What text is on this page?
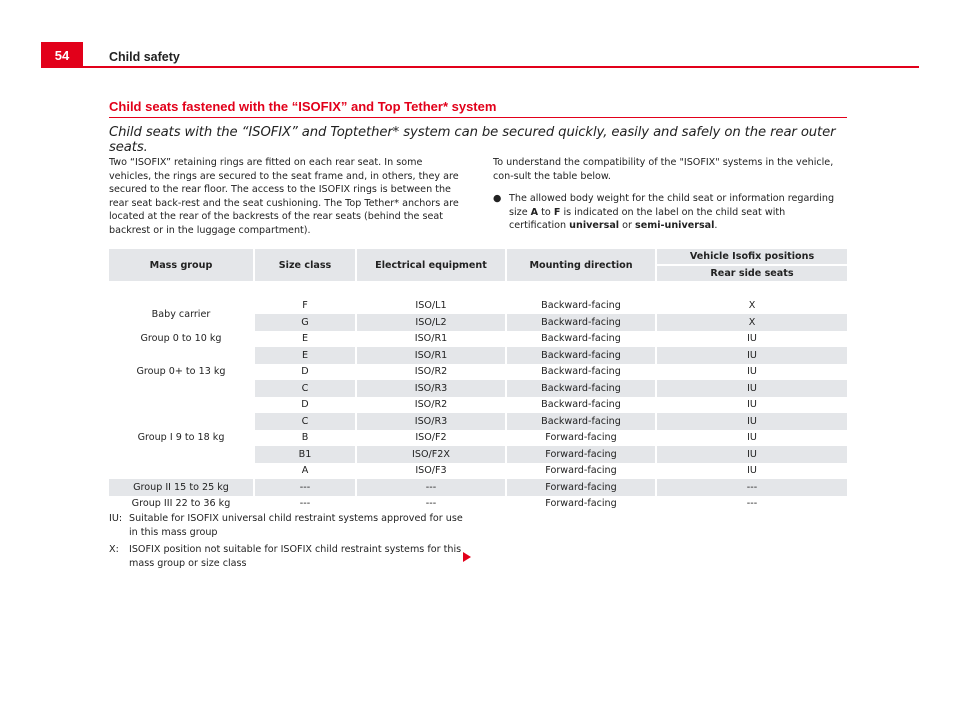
54	Child safety
Child seats fastened with the “ISOFIX” and Top Tether* system
Child seats with the “ISOFIX” and Toptether* system can be secured quickly, easily and safely on the rear outer seats.

Two “ISOFIX” retaining rings are fitted on each rear seat. In some vehicles, the rings are secured to the seat frame and, in others, they are secured to the rear floor. The access to the ISOFIX rings is between the rear seat back-rest and the seat cushioning. The Top Tether* anchors are located at the rear of the backrests of the rear seats (behind the seat backrest or in the luggage compartment).

To understand the compatibility of the "ISOFIX" systems in the vehicle, con-sult the table below.

● The allowed body weight for the child seat or information regarding size A to F is indicated on the label on the child seat with certification universal or semi-universal.
Mass group	Size class	Electrical equipment	Mounting direction	Vehicle Isofix positions
				Rear side seats

Baby carrier	F	ISO/L1	Backward-facing	X
	G	ISO/L2	Backward-facing	X
Group 0 to 10 kg	E	ISO/R1	Backward-facing	IU
Group 0+ to 13 kg	E	ISO/R1	Backward-facing	IU
	D	ISO/R2	Backward-facing	IU
	C	ISO/R3	Backward-facing	IU
Group I 9 to 18 kg	D	ISO/R2	Backward-facing	IU
	C	ISO/R3	Backward-facing	IU
	B	ISO/F2	Forward-facing	IU
	B1	ISO/F2X	Forward-facing	IU
	A	ISO/F3	Forward-facing	IU
Group II 15 to 25 kg	---	---	Forward-facing	---
Group III 22 to 36 kg	---	---	Forward-facing	---
IU: Suitable for ISOFIX universal child restraint systems approved for use in this mass group
X:	ISOFIX position not suitable for ISOFIX child restraint systems for this mass group or size class
